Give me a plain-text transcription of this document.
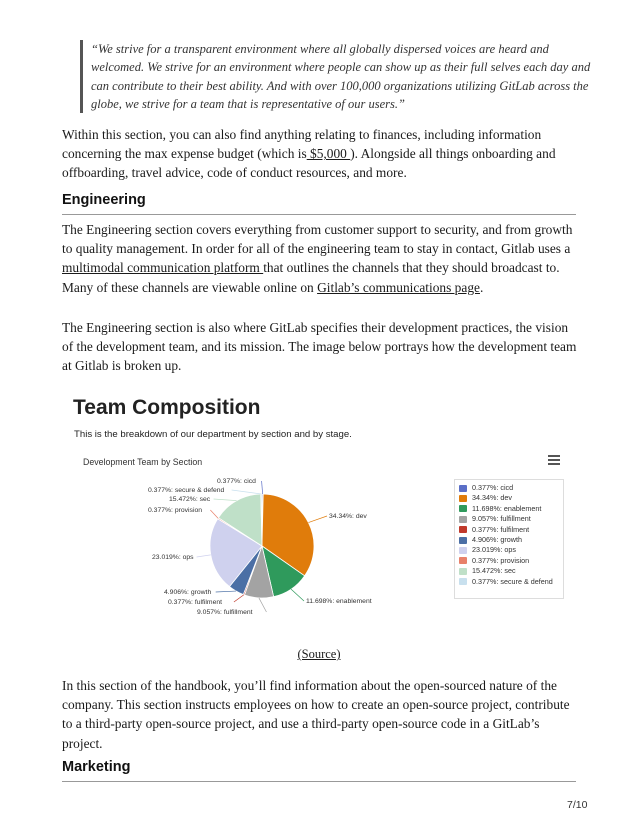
“We strive for a transparent environment where all globally dispersed voices are heard and welcomed. We strive for an environment where people can show up as their full selves each day and can contribute to their best ability. And with over 100,000 organizations utilizing GitLab across the globe, we strive for a team that is representative of our users.”
Within this section, you can also find anything relating to finances, including information concerning the max expense budget (which is $5,000 ). Alongside all things onboarding and offboarding, travel advice, code of conduct resources, and more.
Engineering
The Engineering section covers everything from customer support to security, and from growth to quality management. In order for all of the engineering team to stay in contact, Gitlab uses a multimodal communication platform that outlines the channels that they should broadcast to. Many of these channels are viewable online on Gitlab’s communications page.
The Engineering section is also where GitLab specifies their development practices, the vision of the development team, and its mission. The image below portrays how the development team at Gitlab is broken up.
Team Composition
This is the breakdown of our department by section and by stage.
Development Team by Section
0.377%: cicd
34.34%: dev
11.698%: enablement
9.057%: fulfillment
0.377%: fulfilment
4.906%: growth
23.019%: ops
0.377%: provision
15.472%: sec
0.377%: secure & defend	0.377%: cicd
34.34%: dev
11.698%: enablement
9.057%: fulfillment
0.377%: fulfilment
4.906%: growth
23.019%: ops
0.377%: provision
15.472%: sec
0.377%: secure & defend
(Source)
In this section of the handbook, you’ll find information about the open-sourced nature of the company. This section instructs employees on how to create an open-source project, contribute to a third-party open-source project, and use a third-party open-source code in a GitLab’s project.
Marketing
7/10
